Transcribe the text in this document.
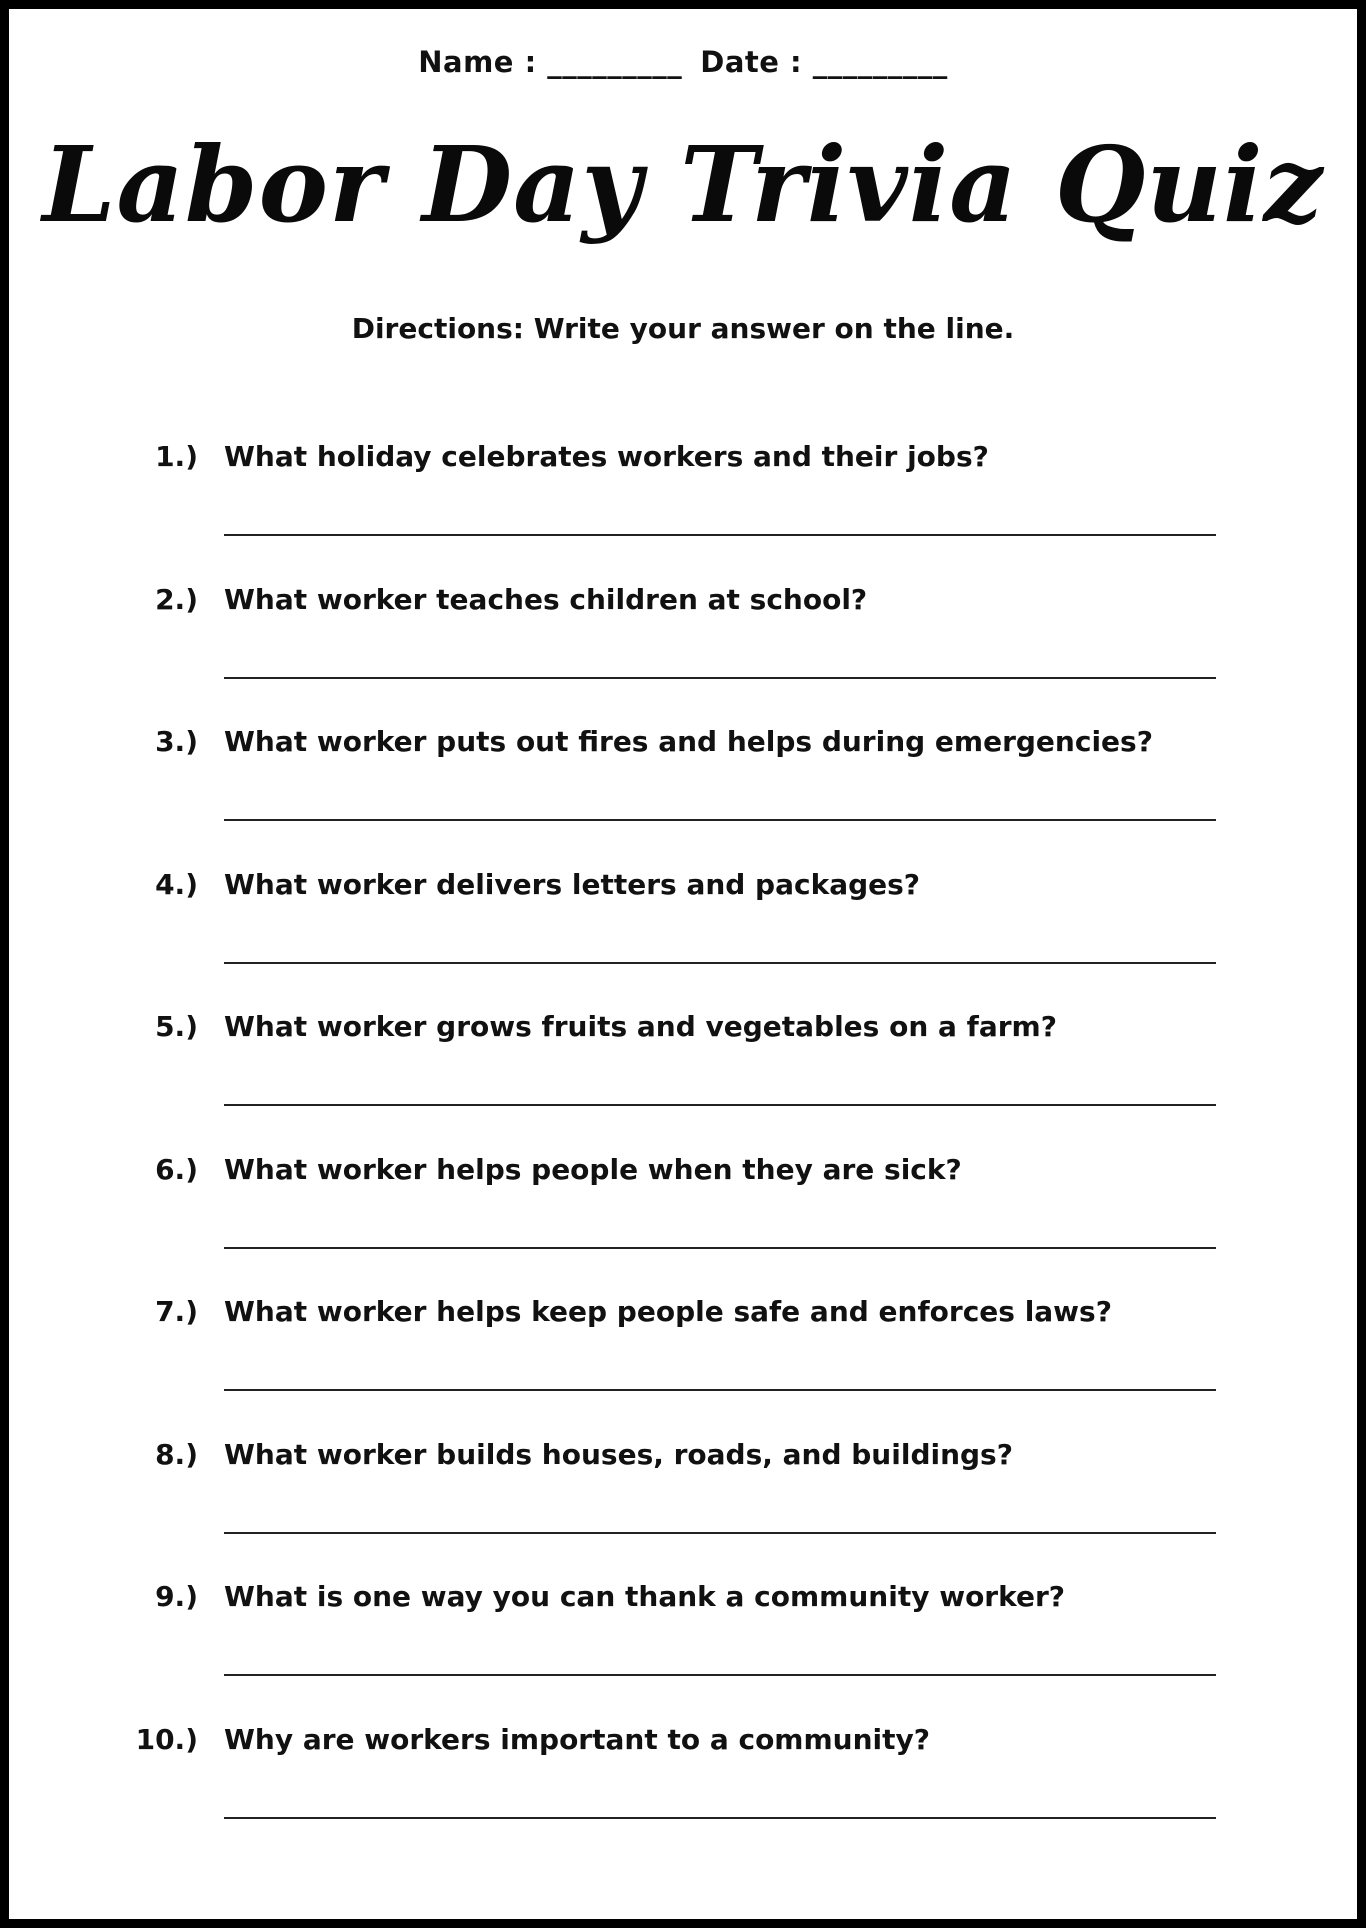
Name : _________ Date : _________
Labor Day Trivia Quiz
Directions: Write your answer on the line.
1.) What holiday celebrates workers and their jobs?
2.) What worker teaches children at school?
3.) What worker puts out fires and helps during emergencies?
4.) What worker delivers letters and packages?
5.) What worker grows fruits and vegetables on a farm?
6.) What worker helps people when they are sick?
7.) What worker helps keep people safe and enforces laws?
8.) What worker builds houses, roads, and buildings?
9.) What is one way you can thank a community worker?
10.) Why are workers important to a community?
